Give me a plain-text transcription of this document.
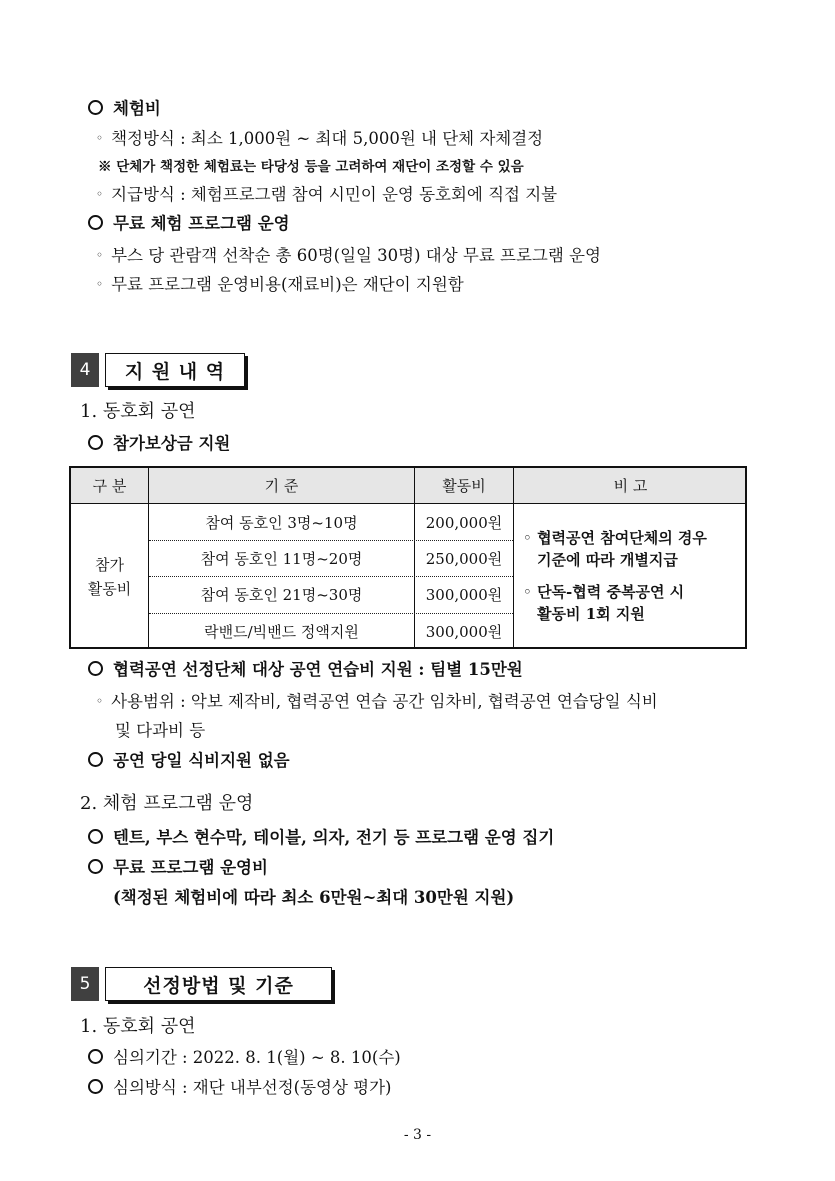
체험비
◦ 책정방식 : 최소 1,000원 ~ 최대 5,000원 내 단체 자체결정
※ 단체가 책정한 체험료는 타당성 등을 고려하여 재단이 조정할 수 있음
◦ 지급방식 : 체험프로그램 참여 시민이 운영 동호회에 직접 지불
무료 체험 프로그램 운영
◦ 부스 당 관람객 선착순 총 60명(일일 30명) 대상 무료 프로그램 운영
◦ 무료 프로그램 운영비용(재료비)은 재단이 지원함
4	지 원 내 역
1. 동호회 공연
참가보상금 지원
구 분	기 준	활동비	비 고
참가
활동비
참여 동호인 3명~10명	200,000원
참여 동호인 11명~20명	250,000원
참여 동호인 21명~30명	300,000원
락밴드/빅밴드 정액지원	300,000원
◦ 협력공연 참여단체의 경우
기준에 따라 개별지급
◦ 단독-협력 중복공연 시
활동비 1회 지원
협력공연 선정단체 대상 공연 연습비 지원 : 팀별 15만원
◦ 사용범위 : 악보 제작비, 협력공연 연습 공간 임차비, 협력공연 연습당일 식비
및 다과비 등
공연 당일 식비지원 없음
2. 체험 프로그램 운영
텐트, 부스 현수막, 테이블, 의자, 전기 등 프로그램 운영 집기
무료 프로그램 운영비
(책정된 체험비에 따라 최소 6만원~최대 30만원 지원)
5	선정방법 및 기준
1. 동호회 공연
심의기간 : 2022. 8. 1(월) ~ 8. 10(수)
심의방식 : 재단 내부선정(동영상 평가)
- 3 -
